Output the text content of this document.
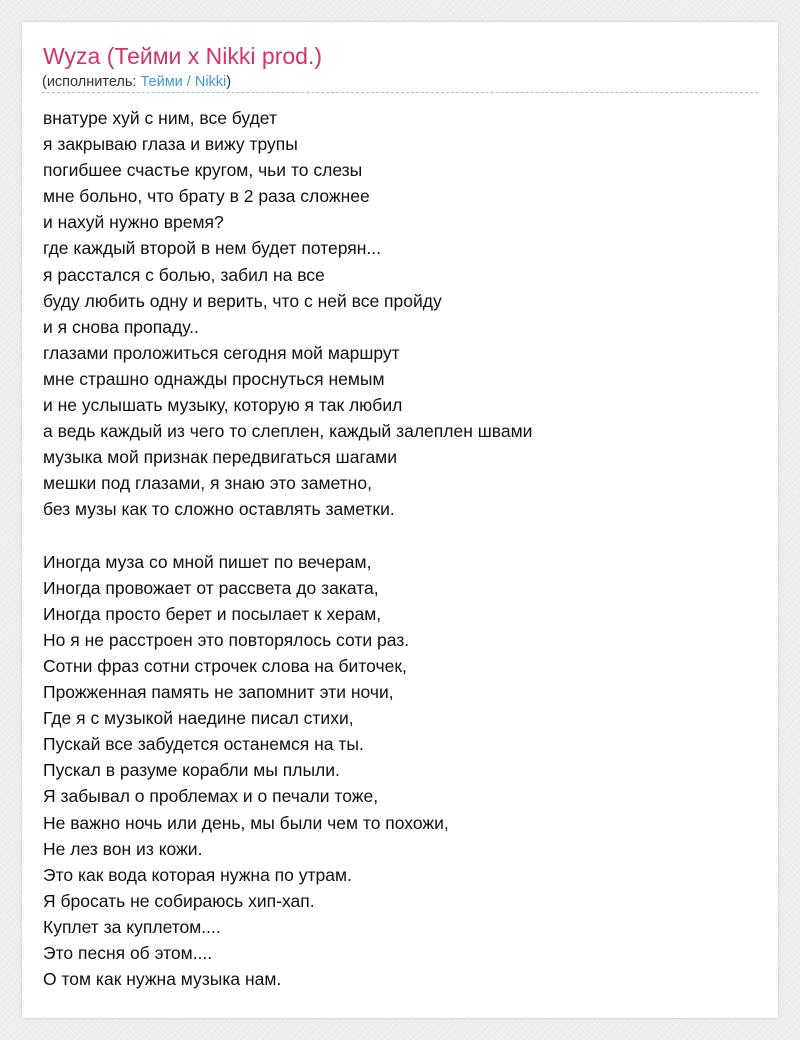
Wyza (Тейми x Nikki prod.)
(исполнитель: Тейми / Nikki)
внатуре хуй с ним, все будет
я закрываю глаза и вижу трупы
погибшее счастье кругом, чьи то слезы
мне больно, что брату в 2 раза сложнее
и нахуй нужно время?
где каждый второй в нем будет потерян...
я расстался с болью, забил на все
буду любить одну и верить, что с ней все пройду
и я снова пропаду..
глазами проложиться сегодня мой маршрут
мне страшно однажды проснуться немым
и не услышать музыку, которую я так любил
а ведь каждый из чего то слеплен, каждый залеплен швами
музыка мой признак передвигаться шагами
мешки под глазами, я знаю это заметно,
без музы как то сложно оставлять заметки.
Иногда муза со мной пишет по вечерам,
Иногда провожает от рассвета до заката,
Иногда просто берет и посылает к херам,
Но я не расстроен это повторялось соти раз.
Сотни фраз сотни строчек слова на биточек,
Прожженная память не запомнит эти ночи,
Где я с музыкой наедине писал стихи,
Пускай все забудется останемся на ты.
Пускал в разуме корабли мы плыли.
Я забывал о проблемах и о печали тоже,
Не важно ночь или день, мы были чем то похожи,
Не лез вон из кожи.
Это как вода которая нужна по утрам.
Я бросать не собираюсь хип-хап.
Куплет за куплетом....
Это песня об этом....
О том как нужна музыка нам.
